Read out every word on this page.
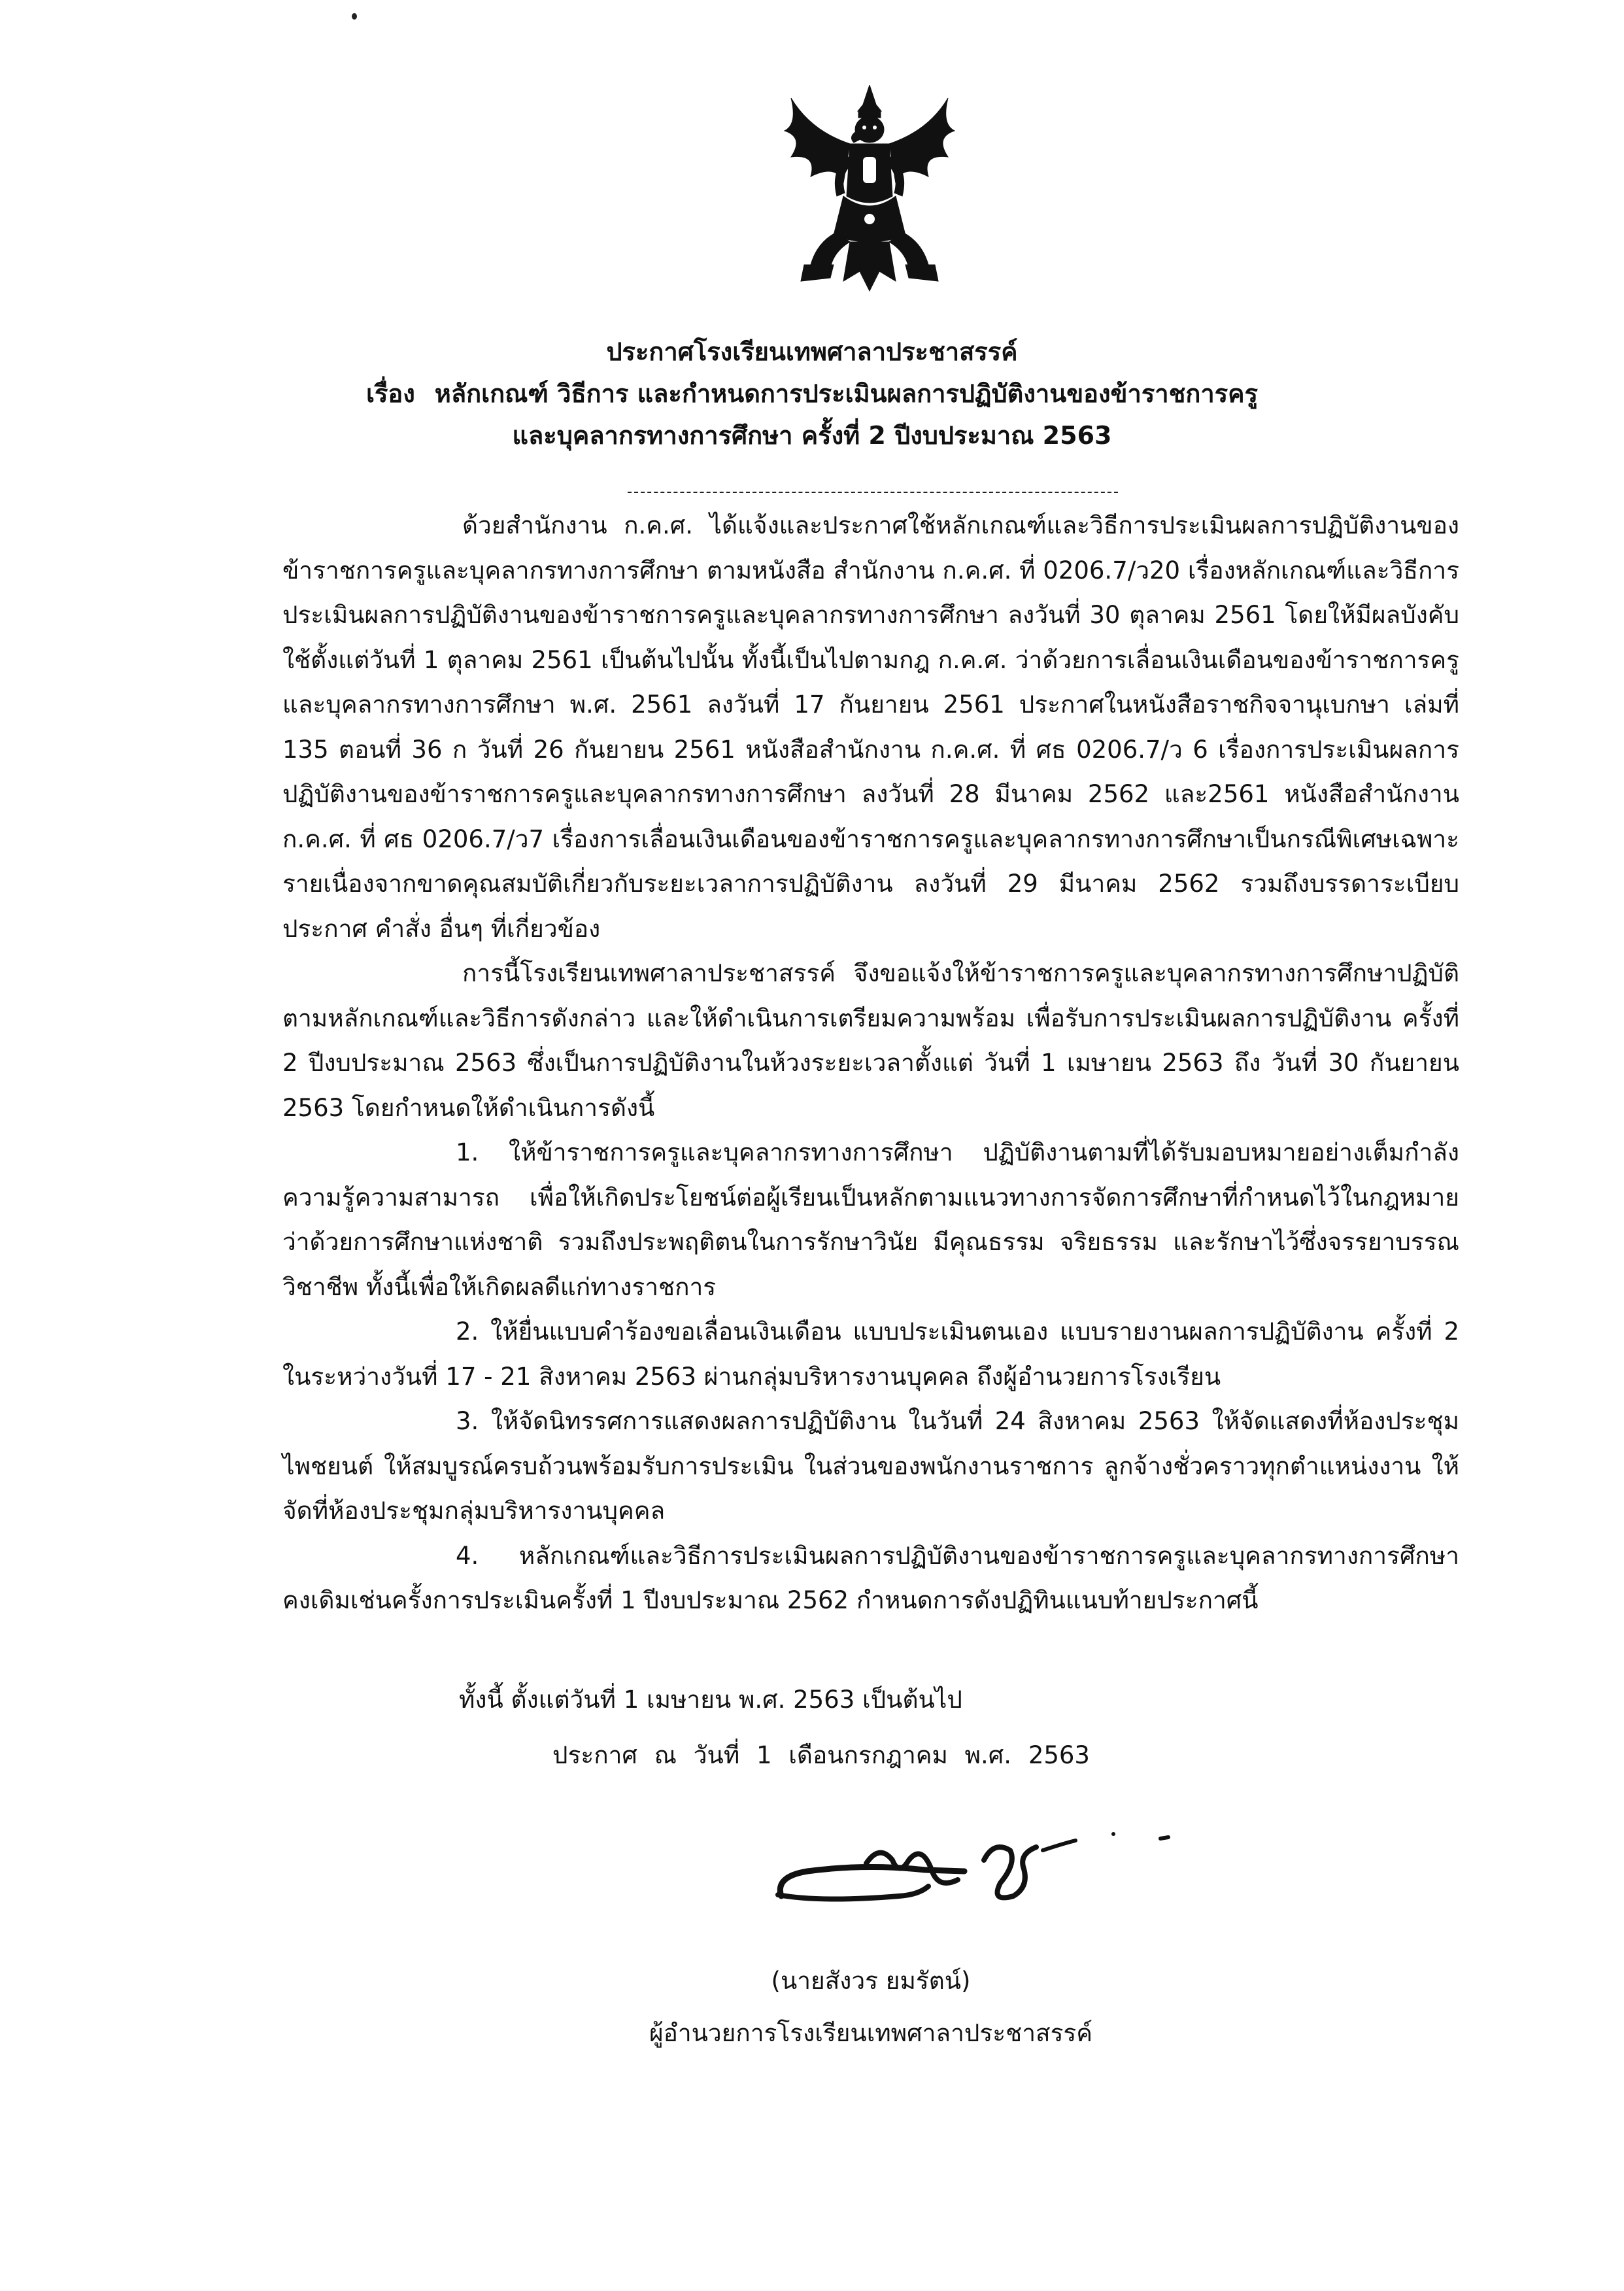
ประกาศโรงเรียนเทพศาลาประชาสรรค์
เรื่อง หลักเกณฑ์ วิธีการ และกำหนดการประเมินผลการปฏิบัติงานของข้าราชการครู
และบุคลากรทางการศึกษา ครั้งที่ 2 ปีงบประมาณ 2563

ด้วยสำนักงาน ก.ค.ศ. ได้แจ้งและประกาศใช้หลักเกณฑ์และวิธีการประเมินผลการปฏิบัติงานของข้าราชการครูและบุคลากรทางการศึกษา ตามหนังสือ สำนักงาน ก.ค.ศ. ที่ 0206.7/ว20 เรื่องหลักเกณฑ์และวิธีการประเมินผลการปฏิบัติงานของข้าราชการครูและบุคลากรทางการศึกษา ลงวันที่ 30 ตุลาคม 2561 โดยให้มีผลบังคับใช้ตั้งแต่วันที่ 1 ตุลาคม 2561 เป็นต้นไปนั้น ทั้งนี้เป็นไปตามกฎ ก.ค.ศ. ว่าด้วยการเลื่อนเงินเดือนของข้าราชการครูและบุคลากรทางการศึกษา พ.ศ. 2561 ลงวันที่ 17 กันยายน 2561 ประกาศในหนังสือราชกิจจานุเบกษา เล่มที่ 135 ตอนที่ 36 ก วันที่ 26 กันยายน 2561 หนังสือสำนักงาน ก.ค.ศ. ที่ ศธ 0206.7/ว 6 เรื่องการประเมินผลการปฏิบัติงานของข้าราชการครูและบุคลากรทางการศึกษา ลงวันที่ 28 มีนาคม 2562 และ2561 หนังสือสำนักงาน ก.ค.ศ. ที่ ศธ 0206.7/ว7 เรื่องการเลื่อนเงินเดือนของข้าราชการครูและบุคลากรทางการศึกษาเป็นกรณีพิเศษเฉพาะรายเนื่องจากขาดคุณสมบัติเกี่ยวกับระยะเวลาการปฏิบัติงาน ลงวันที่ 29 มีนาคม 2562 รวมถึงบรรดาระเบียบ ประกาศ คำสั่ง อื่นๆ ที่เกี่ยวข้อง

การนี้โรงเรียนเทพศาลาประชาสรรค์ จึงขอแจ้งให้ข้าราชการครูและบุคลากรทางการศึกษาปฏิบัติตามหลักเกณฑ์และวิธีการดังกล่าว และให้ดำเนินการเตรียมความพร้อม เพื่อรับการประเมินผลการปฏิบัติงาน ครั้งที่ 2 ปีงบประมาณ 2563 ซึ่งเป็นการปฏิบัติงานในห้วงระยะเวลาตั้งแต่ วันที่ 1 เมษายน 2563 ถึง วันที่ 30 กันยายน 2563 โดยกำหนดให้ดำเนินการดังนี้

1. ให้ข้าราชการครูและบุคลากรทางการศึกษา ปฏิบัติงานตามที่ได้รับมอบหมายอย่างเต็มกำลังความรู้ความสามารถ เพื่อให้เกิดประโยชน์ต่อผู้เรียนเป็นหลักตามแนวทางการจัดการศึกษาที่กำหนดไว้ในกฎหมายว่าด้วยการศึกษาแห่งชาติ รวมถึงประพฤติตนในการรักษาวินัย มีคุณธรรม จริยธรรม และรักษาไว้ซึ่งจรรยาบรรณวิชาชีพ ทั้งนี้เพื่อให้เกิดผลดีแก่ทางราชการ

2. ให้ยื่นแบบคำร้องขอเลื่อนเงินเดือน แบบประเมินตนเอง แบบรายงานผลการปฏิบัติงาน ครั้งที่ 2 ในระหว่างวันที่ 17 - 21 สิงหาคม 2563 ผ่านกลุ่มบริหารงานบุคคล ถึงผู้อำนวยการโรงเรียน

3. ให้จัดนิทรรศการแสดงผลการปฏิบัติงาน ในวันที่ 24 สิงหาคม 2563 ให้จัดแสดงที่ห้องประชุมไพชยนต์ ให้สมบูรณ์ครบถ้วนพร้อมรับการประเมิน ในส่วนของพนักงานราชการ ลูกจ้างชั่วคราวทุกตำแหน่งงาน ให้จัดที่ห้องประชุมกลุ่มบริหารงานบุคคล

4. หลักเกณฑ์และวิธีการประเมินผลการปฏิบัติงานของข้าราชการครูและบุคลากรทางการศึกษา คงเดิมเช่นครั้งการประเมินครั้งที่ 1 ปีงบประมาณ 2562 กำหนดการดังปฏิทินแนบท้ายประกาศนี้

ทั้งนี้ ตั้งแต่วันที่ 1 เมษายน พ.ศ. 2563 เป็นต้นไป
ประกาศ ณ วันที่ 1 เดือนกรกฎาคม พ.ศ. 2563
(นายสังวร ยมรัตน์)
ผู้อำนวยการโรงเรียนเทพศาลาประชาสรรค์
